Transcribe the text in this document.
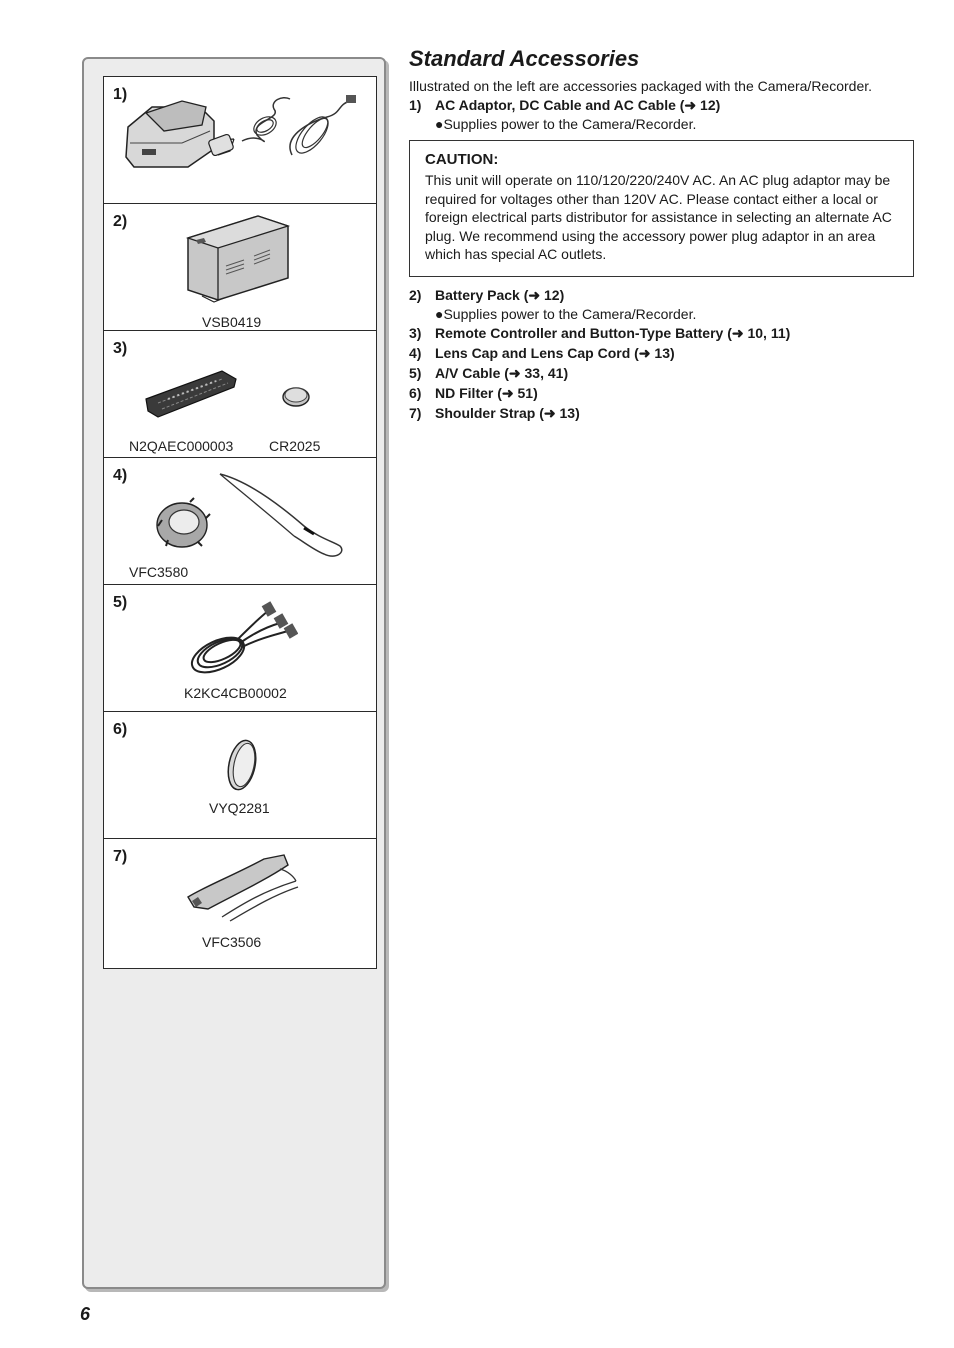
1)
2)
VSB0419
3)
N2QAEC000003	CR2025
4)
VFC3580
5)
K2KC4CB00002
6)
VYQ2281
7)
VFC3506
Standard Accessories
Illustrated on the left are accessories packaged with the Camera/Recorder.
1) AC Adaptor, DC Cable and AC Cable (➜ 12)
●Supplies power to the Camera/Recorder.
CAUTION:
This unit will operate on 110/120/220/240V AC. An AC plug adaptor may be required for voltages other than 120V AC. Please contact either a local or foreign electrical parts distributor for assistance in selecting an alternate AC plug. We recommend using the accessory power plug adaptor in an area which has special AC outlets.
2) Battery Pack (➜ 12)
●Supplies power to the Camera/Recorder.
3) Remote Controller and Button-Type Battery (➜ 10, 11)
4) Lens Cap and Lens Cap Cord (➜ 13)
5) A/V Cable (➜ 33, 41)
6) ND Filter (➜ 51)
7) Shoulder Strap (➜ 13)
6
